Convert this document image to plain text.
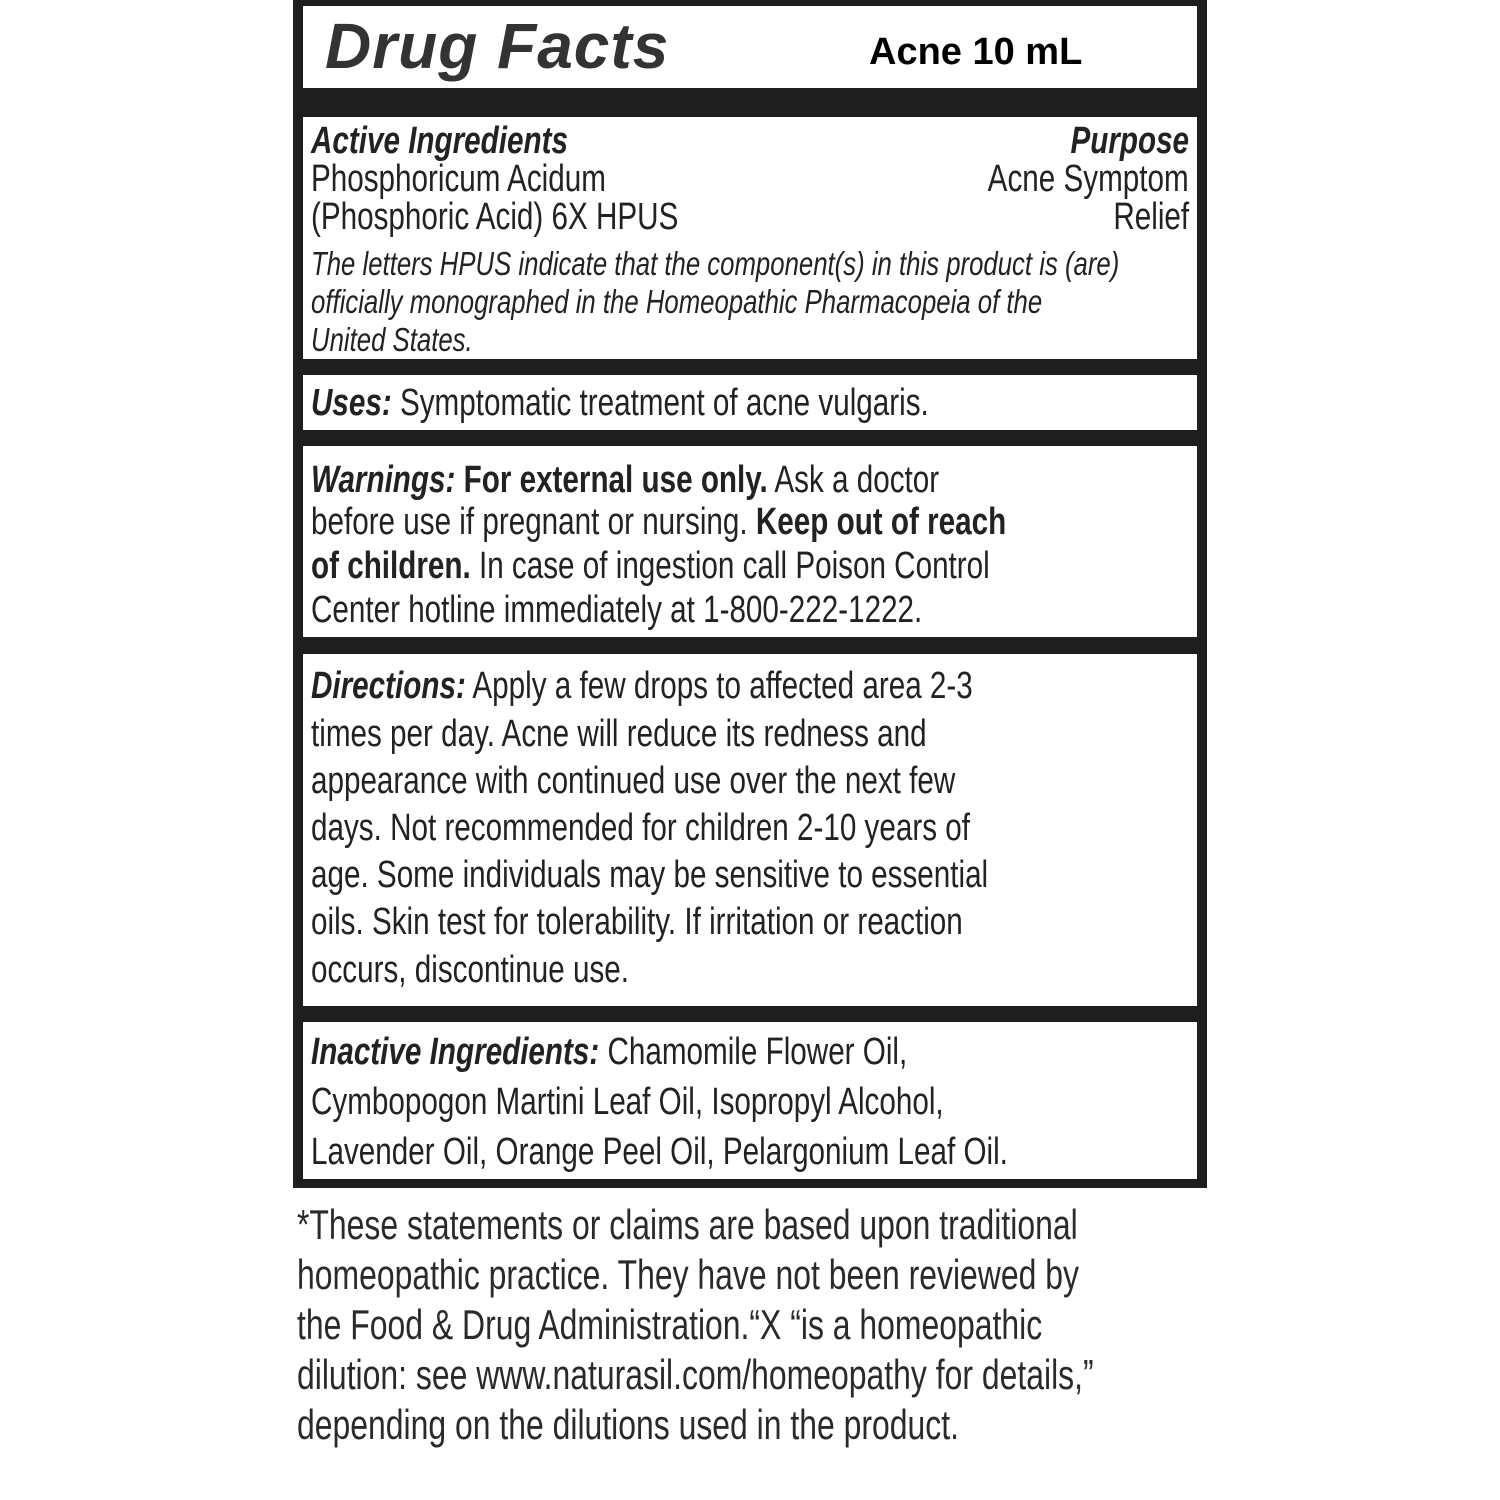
Drug Facts	Acne 10 mL
Active Ingredients	Purpose
Phosphoricum Acidum	Acne Symptom
(Phosphoric Acid) 6X HPUS	Relief
The letters HPUS indicate that the component(s) in this product is (are)
officially monographed in the Homeopathic Pharmacopeia of the
United States.
Uses: Symptomatic treatment of acne vulgaris.
Warnings: For external use only. Ask a doctor
before use if pregnant or nursing. Keep out of reach
of children. In case of ingestion call Poison Control
Center hotline immediately at 1-800-222-1222.
Directions: Apply a few drops to affected area 2-3
times per day. Acne will reduce its redness and
appearance with continued use over the next few
days. Not recommended for children 2-10 years of
age. Some individuals may be sensitive to essential
oils. Skin test for tolerability. If irritation or reaction
occurs, discontinue use.
Inactive Ingredients: Chamomile Flower Oil,
Cymbopogon Martini Leaf Oil, Isopropyl Alcohol,
Lavender Oil, Orange Peel Oil, Pelargonium Leaf Oil.
*These statements or claims are based upon traditional
homeopathic practice. They have not been reviewed by
the Food & Drug Administration.“X “is a homeopathic
dilution: see www.naturasil.com/homeopathy for details,”
depending on the dilutions used in the product.
